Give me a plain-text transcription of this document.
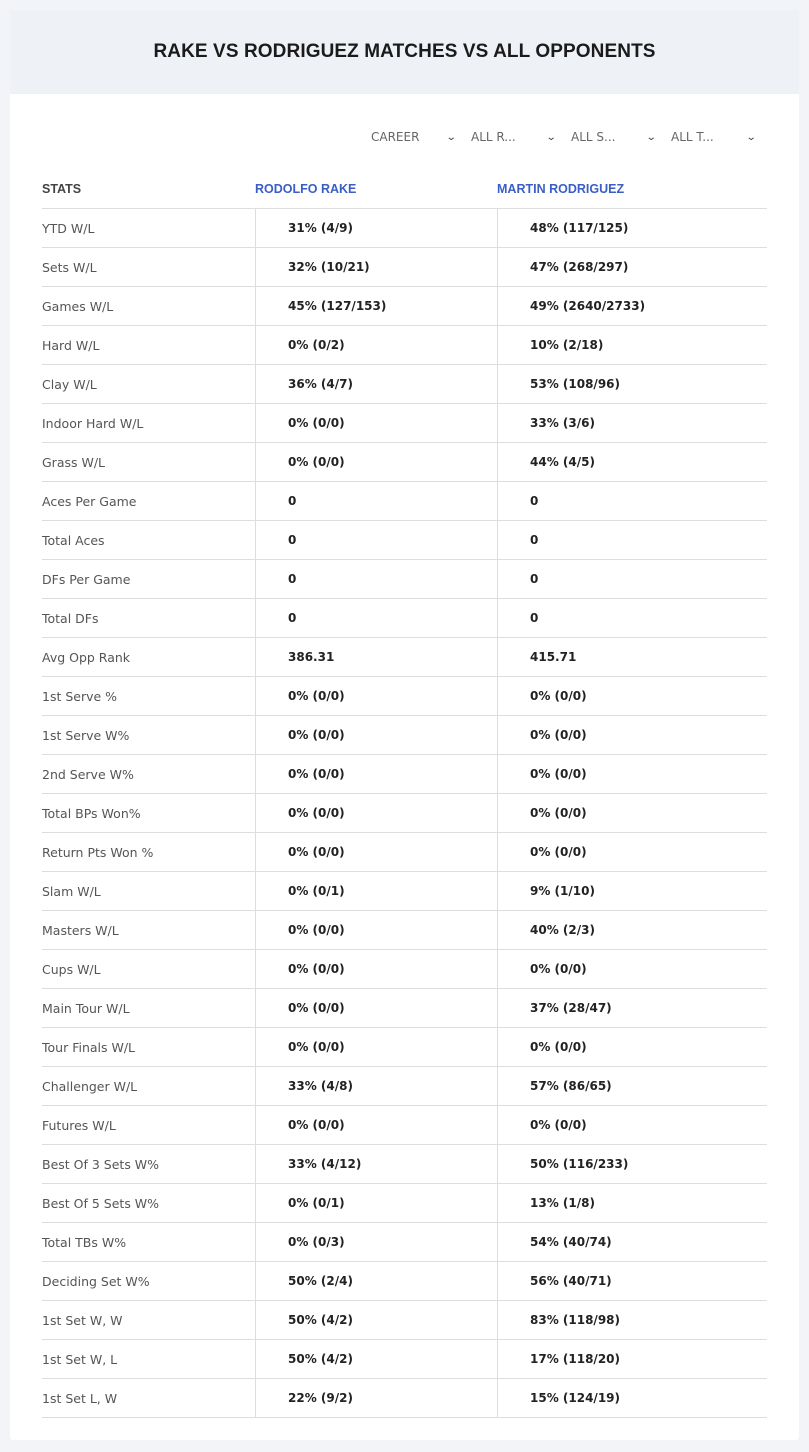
RAKE VS RODRIGUEZ MATCHES VS ALL OPPONENTS
CAREER	⌄ ALL R...	⌄ ALL S...	⌄ ALL T...	⌄
STATS	RODOLFO RAKE	MARTIN RODRIGUEZ
YTD W/L	31% (4/9)	48% (117/125)
Sets W/L	32% (10/21)	47% (268/297)
Games W/L	45% (127/153)	49% (2640/2733)
Hard W/L	0% (0/2)	10% (2/18)
Clay W/L	36% (4/7)	53% (108/96)
Indoor Hard W/L	0% (0/0)	33% (3/6)
Grass W/L	0% (0/0)	44% (4/5)
Aces Per Game	0	0
Total Aces	0	0
DFs Per Game	0	0
Total DFs	0	0
Avg Opp Rank	386.31	415.71
1st Serve %	0% (0/0)	0% (0/0)
1st Serve W%	0% (0/0)	0% (0/0)
2nd Serve W%	0% (0/0)	0% (0/0)
Total BPs Won%	0% (0/0)	0% (0/0)
Return Pts Won %	0% (0/0)	0% (0/0)
Slam W/L	0% (0/1)	9% (1/10)
Masters W/L	0% (0/0)	40% (2/3)
Cups W/L	0% (0/0)	0% (0/0)
Main Tour W/L	0% (0/0)	37% (28/47)
Tour Finals W/L	0% (0/0)	0% (0/0)
Challenger W/L	33% (4/8)	57% (86/65)
Futures W/L	0% (0/0)	0% (0/0)
Best Of 3 Sets W%	33% (4/12)	50% (116/233)
Best Of 5 Sets W%	0% (0/1)	13% (1/8)
Total TBs W%	0% (0/3)	54% (40/74)
Deciding Set W%	50% (2/4)	56% (40/71)
1st Set W, W	50% (4/2)	83% (118/98)
1st Set W, L	50% (4/2)	17% (118/20)
1st Set L, W	22% (9/2)	15% (124/19)
